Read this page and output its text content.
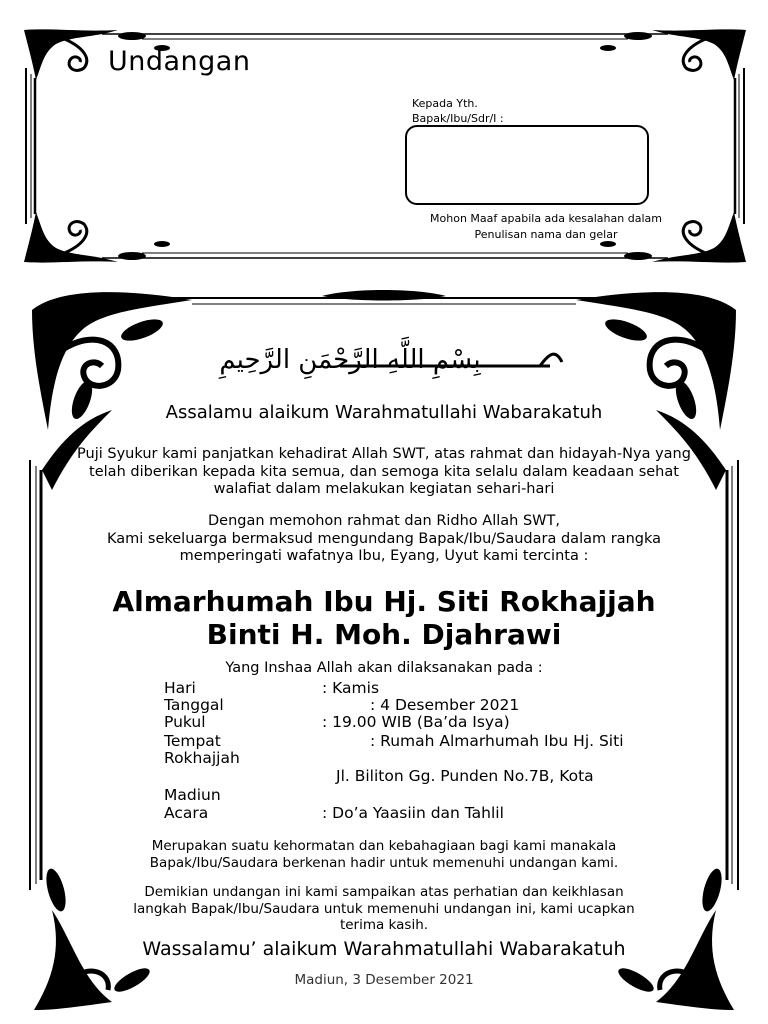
Undangan
Kepada Yth.
Bapak/Ibu/Sdr/I :
Mohon Maaf apabila ada kesalahan dalam
Penulisan nama dan gelar
بِسْمِ اللَّهِ الرَّحْمَنِ الرَّحِيمِ
Assalamu alaikum Warahmatullahi Wabarakatuh
Puji Syukur kami panjatkan kehadirat Allah SWT, atas rahmat dan hidayah-Nya yang
telah diberikan kepada kita semua, dan semoga kita selalu dalam keadaan sehat
walafiat dalam melakukan kegiatan sehari-hari
Dengan memohon rahmat dan Ridho Allah SWT,
Kami sekeluarga bermaksud mengundang Bapak/Ibu/Saudara dalam rangka
memperingati wafatnya Ibu, Eyang, Uyut kami tercinta :
Almarhumah Ibu Hj. Siti Rokhajjah
Binti H. Moh. Djahrawi
Yang Inshaa Allah akan dilaksanakan pada :
Hari	: Kamis
Tanggal	: 4 Desember 2021
Pukul	: 19.00 WIB (Ba’da Isya)
Tempat	: Rumah Almarhumah Ibu Hj. Siti
Rokhajjah
Jl. Biliton Gg. Punden No.7B, Kota
Madiun
Acara	: Do’a Yaasiin dan Tahlil
Merupakan suatu kehormatan dan kebahagiaan bagi kami manakala
Bapak/Ibu/Saudara berkenan hadir untuk memenuhi undangan kami.
Demikian undangan ini kami sampaikan atas perhatian dan keikhlasan
langkah Bapak/Ibu/Saudara untuk memenuhi undangan ini, kami ucapkan
terima kasih.
Wassalamu’ alaikum Warahmatullahi Wabarakatuh
Madiun, 3 Desember 2021
